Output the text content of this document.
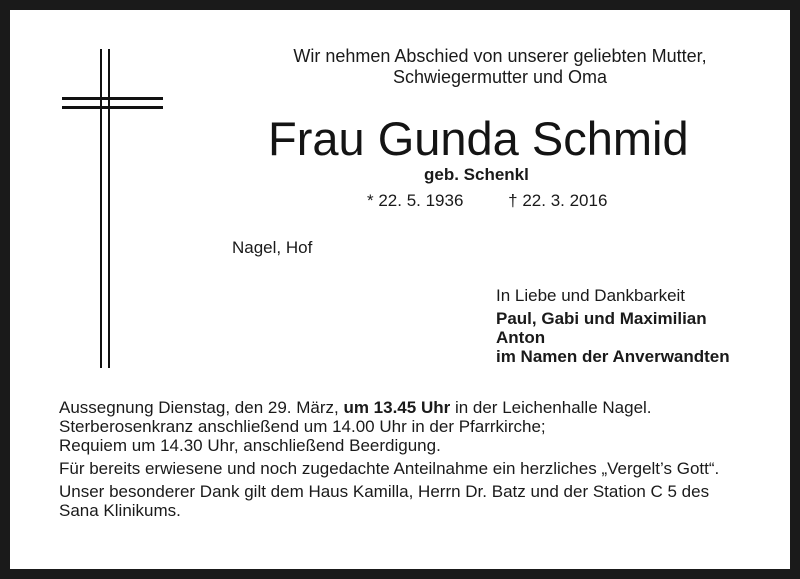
Wir nehmen Abschied von unserer geliebten Mutter,
Schwiegermutter und Oma
Frau Gunda Schmid
geb. Schenkl
* 22. 5. 1936	† 22. 3. 2016
Nagel, Hof
In Liebe und Dankbarkeit
Paul, Gabi und Maximilian
Anton
im Namen der Anverwandten
Aussegnung Dienstag, den 29. März, um 13.45 Uhr in der Leichenhalle Nagel.
Sterberosenkranz anschließend um 14.00 Uhr in der Pfarrkirche;
Requiem um 14.30 Uhr, anschließend Beerdigung.
Für bereits erwiesene und noch zugedachte Anteilnahme ein herzliches „Vergelt’s Gott“.
Unser besonderer Dank gilt dem Haus Kamilla, Herrn Dr. Batz und der Station C 5 des
Sana Klinikums.
